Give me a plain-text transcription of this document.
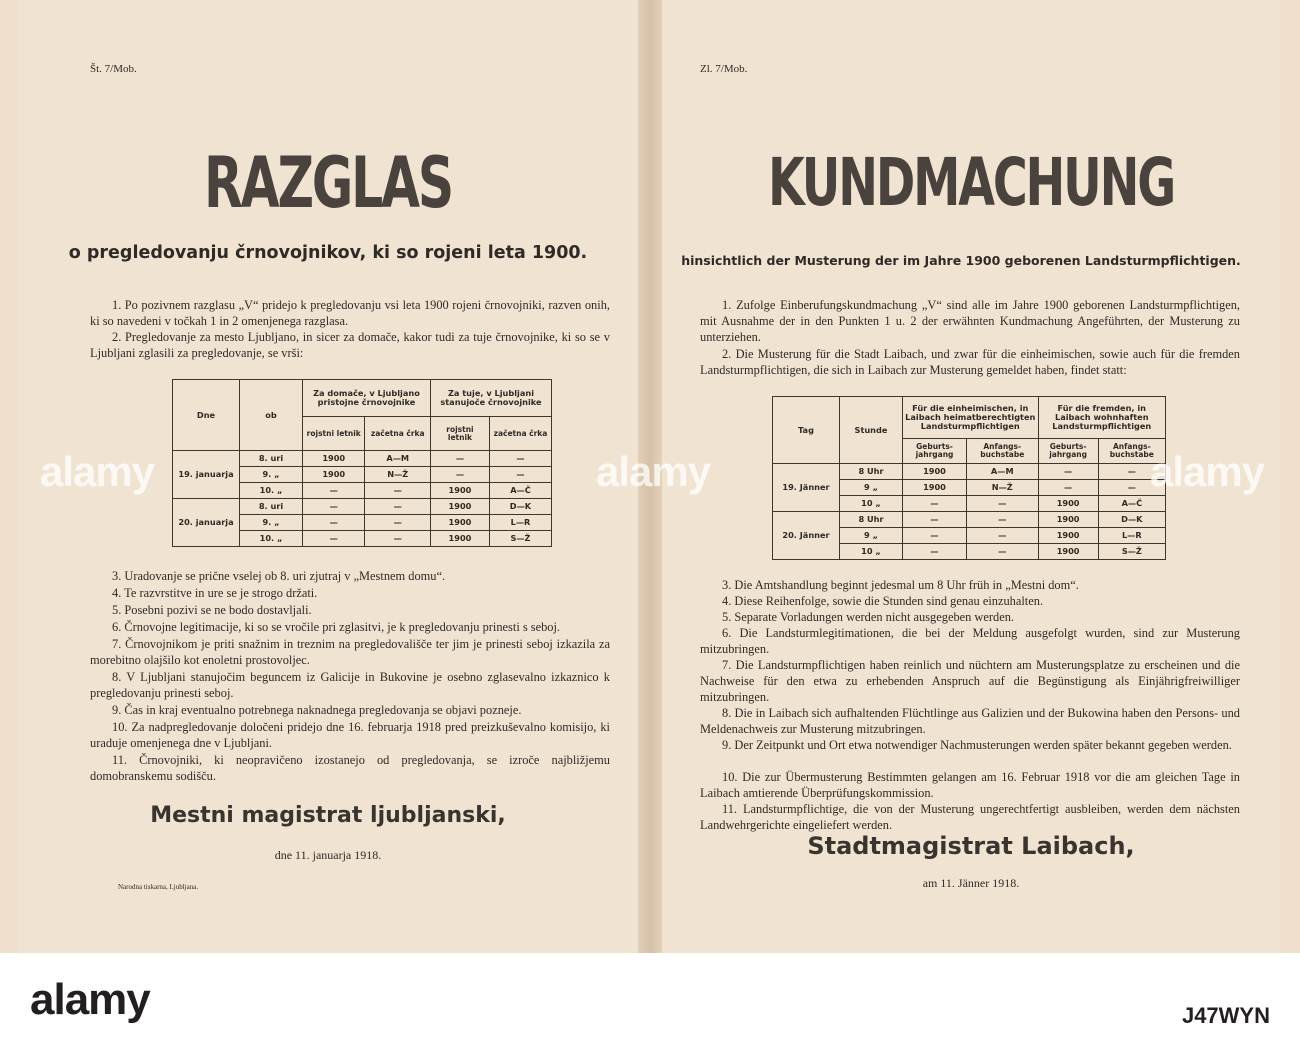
Št. 7/Mob.
RAZGLAS
o pregledovanju črnovojnikov, ki so rojeni leta 1900.
1. Po pozivnem razglasu „V“ pridejo k pregledovanju vsi leta 1900 rojeni črnovojniki, razven onih, ki so navedeni v točkah 1 in 2 omenjenega razglasa.
2. Pregledovanje za mesto Ljubljano, in sicer za domače, kakor tudi za tuje črnovojnike, ki so se v Ljubljani zglasili za pregledovanje, se vrši:
Dne	ob	Za domače, v Ljubljano pristojne črnovojnike		Za tuje, v Ljubljani stanujoče črnovojnike	
		rojstni letnik	začetna črka	rojstni letnik	začetna črka
19. januarja	8. uri	1900	A—M	—	—
	9. „	1900	N—Ž	—	—
	10. „	—	—	1900	A—Č
20. januarja	8. uri	—	—	1900	D—K
	9. „	—	—	1900	L—R
	10. „	—	—	1900	S—Ž
3. Uradovanje se prične vselej ob 8. uri zjutraj v „Mestnem domu“.
4. Te razvrstitve in ure se je strogo držati.
5. Posebni pozivi se ne bodo dostavljali.
6. Črnovojne legitimacije, ki so se vročile pri zglasitvi, je k pregledovanju prinesti s seboj.
7. Črnovojnikom je priti snažnim in treznim na pregledovališče ter jim je prinesti seboj izkazila za morebitno olajšilo kot enoletni prostovoljec.
8. V Ljubljani stanujočim beguncem iz Galicije in Bukovine je osebno zglasevalno izkaznico k pregledovanju prinesti seboj.
9. Čas in kraj eventualno potrebnega naknadnega pregledovanja se objavi pozneje.
10. Za nadpregledovanje določeni pridejo dne 16. februarja 1918 pred preizkuševalno komisijo, ki uraduje omenjenega dne v Ljubljani.
11. Črnovojniki, ki neopravičeno izostanejo od pregledovanja, se izroče najbližjemu domobranskemu sodišču.
Mestni magistrat ljubljanski,
dne 11. januarja 1918.
Narodna tiskarna, Ljubljana.
Zl. 7/Mob.
KUNDMACHUNG
hinsichtlich der Musterung der im Jahre 1900 geborenen Landsturmpflichtigen.
1. Zufolge Einberufungskundmachung „V“ sind alle im Jahre 1900 geborenen Landsturmpflichtigen, mit Ausnahme der in den Punkten 1 u. 2 der erwähnten Kundmachung Angeführten, der Musterung zu unterziehen.
2. Die Musterung für die Stadt Laibach, und zwar für die einheimischen, sowie auch für die fremden Landsturmpflichtigen, die sich in Laibach zur Musterung gemeldet haben, findet statt:
Tag	Stunde	Für die einheimischen, in Laibach heimatberechtigten Landsturmpflichtigen		Für die fremden, in Laibach wohnhaften Landsturmpflichtigen	
		Geburts-jahrgang	Anfangs-buchstabe	Geburts-jahrgang	Anfangs-buchstabe
19. Jänner	8 Uhr	1900	A—M	—	—
	9 „	1900	N—Ž	—	—
	10 „	—	—	1900	A—Č
20. Jänner	8 Uhr	—	—	1900	D—K
	9 „	—	—	1900	L—R
	10 „	—	—	1900	S—Ž
3. Die Amtshandlung beginnt jedesmal um 8 Uhr früh in „Mestni dom“.
4. Diese Reihenfolge, sowie die Stunden sind genau einzuhalten.
5. Separate Vorladungen werden nicht ausgegeben werden.
6. Die Landsturmlegitimationen, die bei der Meldung ausgefolgt wurden, sind zur Musterung mitzubringen.
7. Die Landsturmpflichtigen haben reinlich und nüchtern am Musterungsplatze zu erscheinen und die Nachweise für den etwa zu erhebenden Anspruch auf die Begünstigung als Einjährigfreiwilliger mitzubringen.
8. Die in Laibach sich aufhaltenden Flüchtlinge aus Galizien und der Bukowina haben den Persons- und Meldenachweis zur Musterung mitzubringen.
9. Der Zeitpunkt und Ort etwa notwendiger Nachmusterungen werden später bekannt gegeben werden.
10. Die zur Übermusterung Bestimmten gelangen am 16. Februar 1918 vor die am gleichen Tage in Laibach amtierende Überprüfungskommission.
11. Landsturmpflichtige, die von der Musterung ungerechtfertigt ausbleiben, werden dem nächsten Landwehrgerichte eingeliefert werden.
Stadtmagistrat Laibach,
am 11. Jänner 1918.
alamy
alamy	alamy
alamy	J47WYN
